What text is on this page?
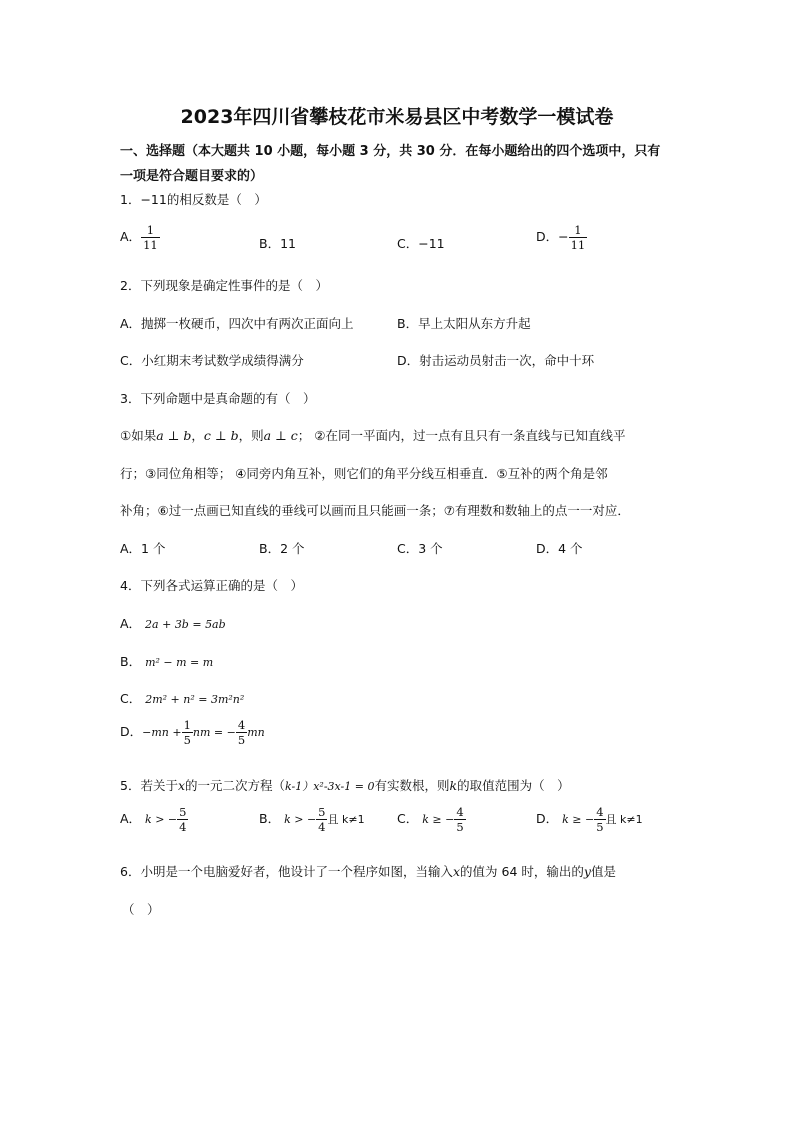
2023年四川省攀枝花市米易县区中考数学一模试卷
一、选择题（本大题共 10 小题，每小题 3 分，共 30 分．在每小题给出的四个选项中，只有
一项是符合题目要求的）
1．−11的相反数是（　）
A． $\frac{1}{11}$	B．11	C．−11	D．− $\frac{1}{11}$
2．下列现象是确定性事件的是（　）
A．抛掷一枚硬币，四次中有两次正面向上	B．早上太阳从东方升起
C．小红期末考试数学成绩得满分	D．射击运动员射击一次，命中十环
3．下列命题中是真命题的有（　）
①如果a ⊥ b，c ⊥ b，则a ⊥ c； ②在同一平面内，过一点有且只有一条直线与已知直线平
行；③同位角相等； ④同旁内角互补，则它们的角平分线互相垂直．⑤互补的两个角是邻
补角；⑥过一点画已知直线的垂线可以画而且只能画一条；⑦有理数和数轴上的点一一对应．
A．1 个	B．2 个	C．3 个	D．4 个
4．下列各式运算正确的是（　）
A． 2a + 3b = 5ab
B． m² − m = m
C． 2m² + n² = 3m²n²
D．$-mn + \frac{1}{5}$ nm = − $\frac{4}{5}$ mn
5．若关于x的一元二次方程（k-1）x²-3x-1 = 0有实数根，则k的取值范围为（　）
A． k > − $\frac{5}{4}$	B． k > − $\frac{5}{4}$ 且 k≠1	C． k ≥ − $\frac{4}{5}$	D． k ≥ − $\frac{4}{5}$ 且 k≠1
6．小明是一个电脑爱好者，他设计了一个程序如图，当输入x的值为 64 时，输出的y值是
（　）
